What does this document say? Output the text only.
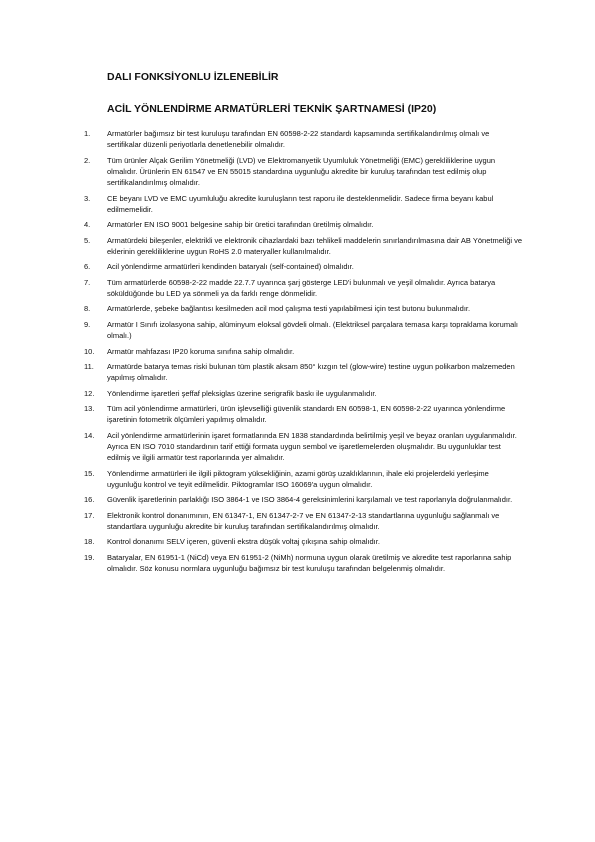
DALI FONKSİYONLU İZLENEBİLİR
ACİL YÖNLENDİRME ARMATÜRLERİ TEKNİK ŞARTNAMESİ (IP20)
1.	Armatürler bağımsız bir test kuruluşu tarafından EN 60598-2-22 standardı kapsamında sertifikalandırılmış olmalı ve sertifikalar düzenli periyotlarla denetlenebilir olmalıdır.
2.	Tüm ürünler Alçak Gerilim Yönetmeliği (LVD) ve Elektromanyetik Uyumluluk Yönetmeliği (EMC) gerekliliklerine uygun olmalıdır. Ürünlerin EN 61547 ve EN 55015 standardına uygunluğu akredite bir kuruluş tarafından test edilmiş olup sertifikalandırılmış olmalıdır.
3.	CE beyanı LVD ve EMC uyumluluğu akredite kuruluşların test raporu ile desteklenmelidir. Sadece firma beyanı kabul edilmemelidir.
4.	Armatürler EN ISO 9001 belgesine sahip bir üretici tarafından üretilmiş olmalıdır.
5.	Armatürdeki bileşenler, elektrikli ve elektronik cihazlardaki bazı tehlikeli maddelerin sınırlandırılmasına dair AB Yönetmeliği ve eklerinin gerekliliklerine uygun RoHS 2.0 materyaller kullanılmalıdır.
6.	Acil yönlendirme armatürleri kendinden bataryalı (self-contained) olmalıdır.
7.	Tüm armatürlerde 60598-2-22 madde 22.7.7 uyarınca şarj gösterge LED'i bulunmalı ve yeşil olmalıdır. Ayrıca batarya söküldüğünde bu LED ya sönmeli ya da farklı renge dönmelidir.
8.	Armatürlerde, şebeke bağlantısı kesilmeden acil mod çalışma testi yapılabilmesi için test butonu bulunmalıdır.
9.	Armatür I Sınıfı izolasyona sahip, alüminyum eloksal gövdeli olmalı. (Elektriksel parçalara temasa karşı topraklama korumalı olmalı.)
10.	Armatür mahfazası IP20 koruma sınıfına sahip olmalıdır.
11.	Armatürde batarya temas riski bulunan tüm plastik aksam 850° kızgın tel (glow-wire) testine uygun polikarbon malzemeden yapılmış olmalıdır.
12.	Yönlendirme işaretleri şeffaf pleksiglas üzerine serigrafik baskı ile uygulanmalıdır.
13.	Tüm acil yönlendirme armatürleri, ürün işlevselliği güvenlik standardı EN 60598-1, EN 60598-2-22 uyarınca yönlendirme işaretinin fotometrik ölçümleri yapılmış olmalıdır.
14.	Acil yönlendirme armatürlerinin işaret formatlarında EN 1838 standardında belirtilmiş yeşil ve beyaz oranları uygulanmalıdır. Ayrıca EN ISO 7010 standardının tarif ettiği formata uygun sembol ve işaretlemelerden oluşmalıdır. Bu uygunluklar test edilmiş ve ilgili armatür test raporlarında yer almalıdır.
15.	Yönlendirme armatürleri ile ilgili piktogram yüksekliğinin, azami görüş uzaklıklarının, ihale eki projelerdeki yerleşime uygunluğu kontrol ve teyit edilmelidir. Piktogramlar ISO 16069'a uygun olmalıdır.
16.	Güvenlik işaretlerinin parlaklığı ISO 3864-1 ve ISO 3864-4 gereksinimlerini karşılamalı ve test raporlarıyla doğrulanmalıdır.
17.	Elektronik kontrol donanımının, EN 61347-1, EN 61347-2-7 ve EN 61347-2-13 standartlarına uygunluğu sağlanmalı ve standartlara uygunluğu akredite bir kuruluş tarafından sertifikalandırılmış olmalıdır.
18.	Kontrol donanımı SELV içeren, güvenli ekstra düşük voltaj çıkışına sahip olmalıdır.
19.	Bataryalar, EN 61951-1 (NiCd) veya EN 61951-2 (NiMh) normuna uygun olarak üretilmiş ve akredite test raporlarına sahip olmalıdır. Söz konusu normlara uygunluğu bağımsız bir test kuruluşu tarafından belgelenmiş olmalıdır.
